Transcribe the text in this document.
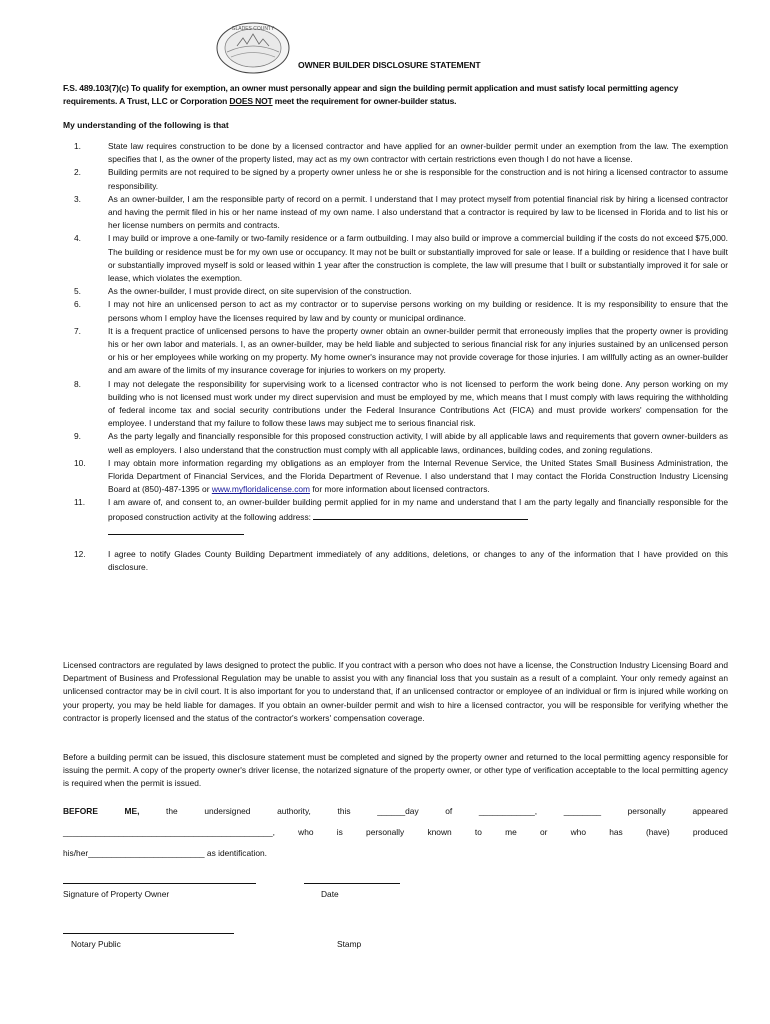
GLADES COUNTY
OWNER BUILDER DISCLOSURE STATEMENT
F.S. 489.103(7)(c) To qualify for exemption, an owner must personally appear and sign the building permit application and must satisfy local permitting agency requirements. A Trust, LLC or Corporation DOES NOT meet the requirement for owner-builder status.
My understanding of the following is that
1.	State law requires construction to be done by a licensed contractor and have applied for an owner-builder permit under an exemption from the law. The exemption specifies that I, as the owner of the property listed, may act as my own contractor with certain restrictions even though I do not have a license.
2.	Building permits are not required to be signed by a property owner unless he or she is responsible for the construction and is not hiring a licensed contractor to assume responsibility.
3.	As an owner-builder, I am the responsible party of record on a permit. I understand that I may protect myself from potential financial risk by hiring a licensed contractor and having the permit filed in his or her name instead of my own name. I also understand that a contractor is required by law to be licensed in Florida and to list his or her license numbers on permits and contracts.
4.	I may build or improve a one-family or two-family residence or a farm outbuilding. I may also build or improve a commercial building if the costs do not exceed $75,000. The building or residence must be for my own use or occupancy. It may not be built or substantially improved for sale or lease. If a building or residence that I have built or substantially improved myself is sold or leased within 1 year after the construction is complete, the law will presume that I built or substantially improved it for sale or lease, which violates the exemption.
5.	As the owner-builder, I must provide direct, on site supervision of the construction.
6.	I may not hire an unlicensed person to act as my contractor or to supervise persons working on my building or residence. It is my responsibility to ensure that the persons whom I employ have the licenses required by law and by county or municipal ordinance.
7.	It is a frequent practice of unlicensed persons to have the property owner obtain an owner-builder permit that erroneously implies that the property owner is providing his or her own labor and materials. I, as an owner-builder, may be held liable and subjected to serious financial risk for any injuries sustained by an unlicensed person or his or her employees while working on my property. My home owner's insurance may not provide coverage for those injuries. I am willfully acting as an owner-builder and am aware of the limits of my insurance coverage for injuries to workers on my property.
8.	I may not delegate the responsibility for supervising work to a licensed contractor who is not licensed to perform the work being done. Any person working on my building who is not licensed must work under my direct supervision and must be employed by me, which means that I must comply with laws requiring the withholding of federal income tax and social security contributions under the Federal Insurance Contributions Act (FICA) and must provide workers' compensation for the employee. I understand that my failure to follow these laws may subject me to serious financial risk.
9.	As the party legally and financially responsible for this proposed construction activity, I will abide by all applicable laws and requirements that govern owner-builders as well as employers. I also understand that the construction must comply with all applicable laws, ordinances, building codes, and zoning regulations.
10.	I may obtain more information regarding my obligations as an employer from the Internal Revenue Service, the United States Small Business Administration, the Florida Department of Financial Services, and the Florida Department of Revenue. I also understand that I may contact the Florida Construction Industry Licensing Board at (850)-487-1395 or www.myfloridalicense.com for more information about licensed contractors.
11.	I am aware of, and consent to, an owner-builder building permit applied for in my name and understand that I am the party legally and financially responsible for the proposed construction activity at the following address:
12.	I agree to notify Glades County Building Department immediately of any additions, deletions, or changes to any of the information that I have provided on this disclosure.
Licensed contractors are regulated by laws designed to protect the public. If you contract with a person who does not have a license, the Construction Industry Licensing Board and Department of Business and Professional Regulation may be unable to assist you with any financial loss that you sustain as a result of a complaint. Your only remedy against an unlicensed contractor may be in civil court. It is also important for you to understand that, if an unlicensed contractor or employee of an individual or firm is injured while working on your property, you may be held liable for damages. If you obtain an owner-builder permit and wish to hire a licensed contractor, you will be responsible for verifying whether the contractor is properly licensed and the status of the contractor's workers' compensation coverage.
Before a building permit can be issued, this disclosure statement must be completed and signed by the property owner and returned to the local permitting agency responsible for issuing the permit. A copy of the property owner's driver license, the notarized signature of the property owner, or other type of verification acceptable to the local permitting agency is required when the permit is issued.
BEFORE	ME,	the	undersigned	authority,	this	______day	of	____________,	________	personally	appeared
_____________________________________________,	who	is	personally	known	to	me	or	who	has	(have)	produced
his/her_________________________ as identification.
Signature of Property Owner	Date
Notary Public	Stamp
